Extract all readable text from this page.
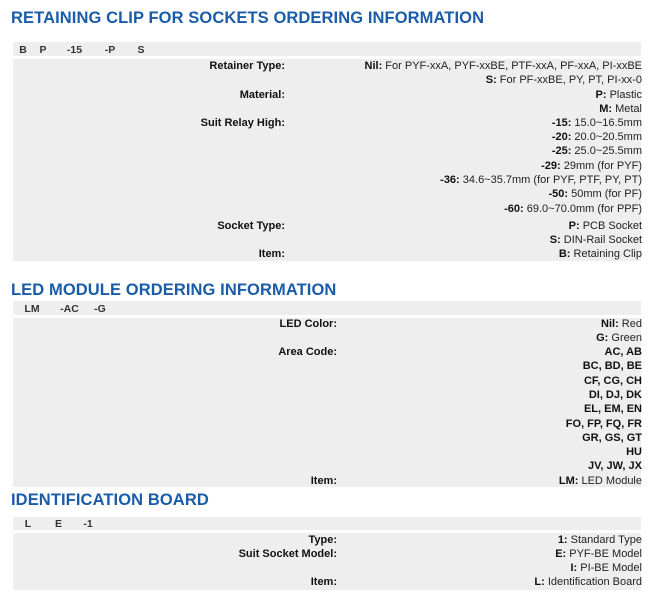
RETAINING CLIP FOR SOCKETS ORDERING INFORMATION
B	P	-15	-P	S
Retainer Type:	Nil: For PYF-xxA, PYF-xxBE, PTF-xxA, PF-xxA, PI-xxBE
S: For PF-xxBE, PY, PT, PI-xx-0
Material:	P: Plastic
M: Metal
Suit Relay High:	-15: 15.0~16.5mm
-20: 20.0~20.5mm
-25: 25.0~25.5mm
-29: 29mm (for PYF)
-36: 34.6~35.7mm (for PYF, PTF, PY, PT)
-50: 50mm (for PF)
-60: 69.0~70.0mm (for PPF)
Socket Type:	P: PCB Socket
S: DIN-Rail Socket
Item:	B: Retaining Clip
LED MODULE ORDERING INFORMATION
LM	-AC	-G
LED Color:	Nil: Red
G: Green
Area Code:	AC, AB
BC, BD, BE
CF, CG, CH
DI, DJ, DK
EL, EM, EN
FO, FP, FQ, FR
GR, GS, GT
HU
JV, JW, JX
Item:	LM: LED Module
IDENTIFICATION BOARD
L	E	-1
Type:	1: Standard Type
Suit Socket Model:	E: PYF-BE Model
I: PI-BE Model
Item:	L: Identification Board
